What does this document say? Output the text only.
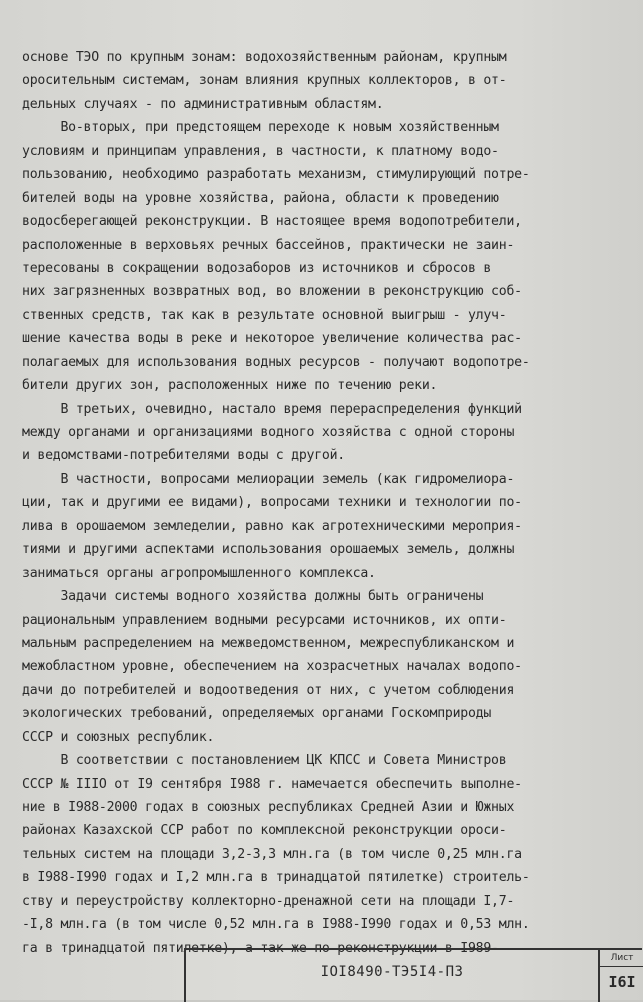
основе ТЭО по крупным зонам: водохозяйственным районам, крупным
оросительным системам, зонам влияния крупных коллекторов, в от-
дельных случаях - по административным областям.
Во-вторых, при предстоящем переходе к новым хозяйственным
условиям и принципам управления, в частности, к платному водо-
пользованию, необходимо разработать механизм, стимулирующий потре-
бителей воды на уровне хозяйства, района, области к проведению
водосберегающей реконструкции. В настоящее время водопотребители,
расположенные в верховьях речных бассейнов, практически не заин-
тересованы в сокращении водозаборов из источников и сбросов в
них загрязненных возвратных вод, во вложении в реконструкцию соб-
ственных средств, так как в результате основной выигрыш - улуч-
шение качества воды в реке и некоторое увеличение количества рас-
полагаемых для использования водных ресурсов - получают водопотре-
бители других зон, расположенных ниже по течению реки.
В третьих, очевидно, настало время перераспределения функций
между органами и организациями водного хозяйства с одной стороны
и ведомствами-потребителями воды с другой.
В частности, вопросами мелиорации земель (как гидромелиора-
ции, так и другими ее видами), вопросами техники и технологии по-
лива в орошаемом земледелии, равно как агротехническими мероприя-
тиями и другими аспектами использования орошаемых земель, должны
заниматься органы агропромышленного комплекса.
Задачи системы водного хозяйства должны быть ограничены
рациональным управлением водными ресурсами источников, их опти-
мальным распределением на межведомственном, межреспубликанском и
межобластном уровне, обеспечением на хозрасчетных началах водопо-
дачи до потребителей и водоотведения от них, с учетом соблюдения
экологических требований, определяемых органами Госкомприроды
СССР и союзных республик.
В соответствии с постановлением ЦК КПСС и Совета Министров
СССР № IIIO от I9 сентября I988 г. намечается обеспечить выполне-
ние в I988-2000 годах в союзных республиках Средней Азии и Южных
районах Казахской ССР работ по комплексной реконструкции ороси-
тельных систем на площади 3,2-3,3 млн.га (в том числе 0,25 млн.га
в I988-I990 годах и I,2 млн.га в тринадцатой пятилетке) строитель-
ству и переустройству коллекторно-дренажной сети на площади I,7-
-I,8 млн.га (в том числе 0,52 млн.га в I988-I990 годах и 0,53 млн.
га в тринадцатой пятилетке), а так же по реконструкции в I989-
IOI8490-ТЭ5I4-ПЗ
Лист
I6I
